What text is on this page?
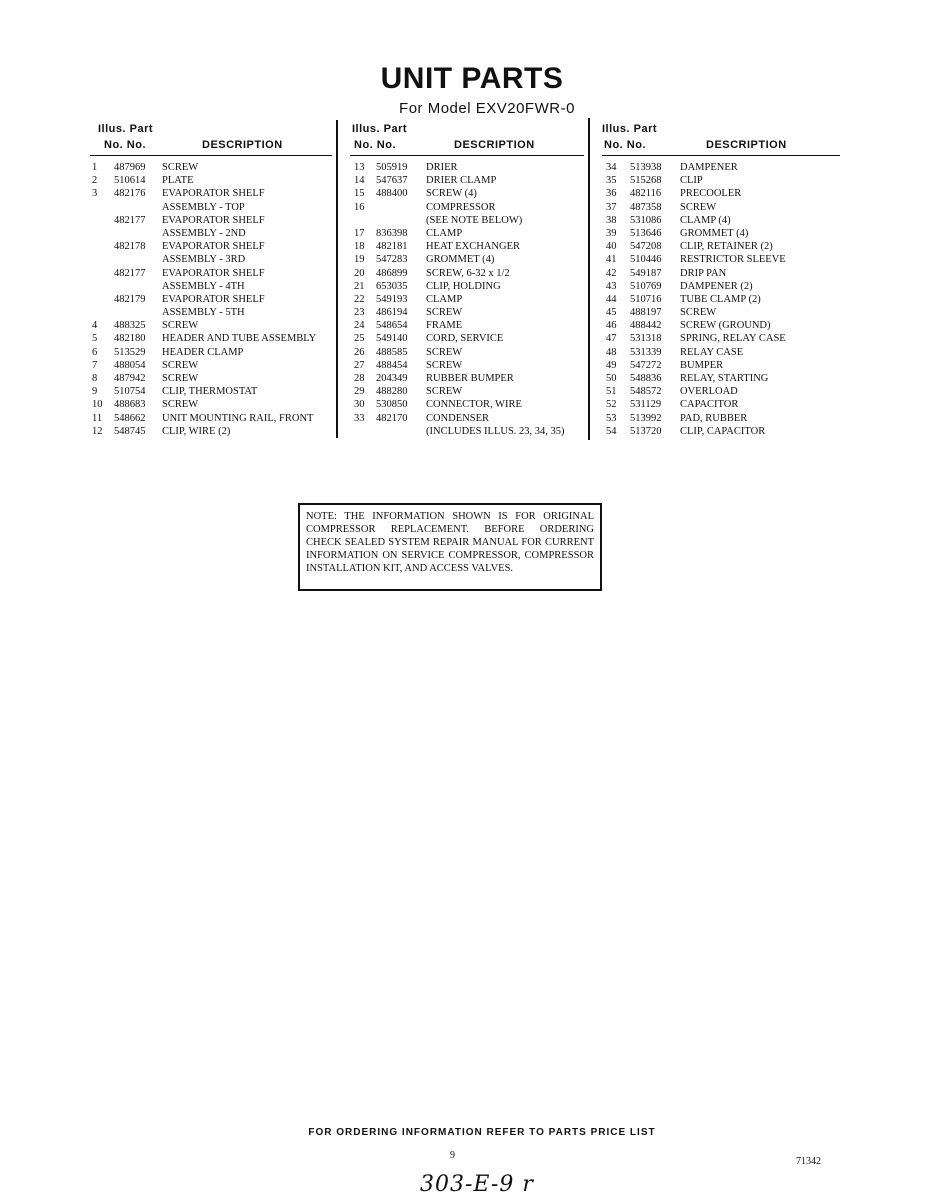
UNIT PARTS
For Model EXV20FWR-0
Illus. Part
No. No.	DESCRIPTION
1 487969 SCREW
2 510614 PLATE
3 482176 EVAPORATOR SHELF
ASSEMBLY - TOP
482177 EVAPORATOR SHELF
ASSEMBLY - 2ND
482178 EVAPORATOR SHELF
ASSEMBLY - 3RD
482177 EVAPORATOR SHELF
ASSEMBLY - 4TH
482179 EVAPORATOR SHELF
ASSEMBLY - 5TH
4 488325 SCREW
5 482180 HEADER AND TUBE ASSEMBLY
6 513529 HEADER CLAMP
7 488054 SCREW
8 487942 SCREW
9 510754 CLIP, THERMOSTAT
10 488683 SCREW
11 548662 UNIT MOUNTING RAIL, FRONT
12 548745 CLIP, WIRE (2)
Illus. Part
No. No.	DESCRIPTION
13 505919 DRIER
14 547637 DRIER CLAMP
15 488400 SCREW (4)
16	COMPRESSOR
(SEE NOTE BELOW)
17 836398 CLAMP
18 482181 HEAT EXCHANGER
19 547283 GROMMET (4)
20 486899 SCREW, 6-32 x 1/2
21 653035 CLIP, HOLDING
22 549193 CLAMP
23 486194 SCREW
24 548654 FRAME
25 549140 CORD, SERVICE
26 488585 SCREW
27 488454 SCREW
28 204349 RUBBER BUMPER
29 488280 SCREW
30 530850 CONNECTOR, WIRE
33 482170 CONDENSER
(INCLUDES ILLUS. 23, 34, 35)
Illus. Part
No. No.	DESCRIPTION
34 513938 DAMPENER
35 515268 CLIP
36 482116 PRECOOLER
37 487358 SCREW
38 531086 CLAMP (4)
39 513646 GROMMET (4)
40 547208 CLIP, RETAINER (2)
41 510446 RESTRICTOR SLEEVE
42 549187 DRIP PAN
43 510769 DAMPENER (2)
44 510716 TUBE CLAMP (2)
45 488197 SCREW
46 488442 SCREW (GROUND)
47 531318 SPRING, RELAY CASE
48 531339 RELAY CASE
49 547272 BUMPER
50 548836 RELAY, STARTING
51 548572 OVERLOAD
52 531129 CAPACITOR
53 513992 PAD, RUBBER
54 513720 CLIP, CAPACITOR
NOTE: THE INFORMATION SHOWN IS FOR ORIGINAL COMPRESSOR REPLACEMENT. BEFORE ORDERING CHECK SEALED SYSTEM REPAIR MANUAL FOR CURRENT INFORMATION ON SERVICE COMPRESSOR, COMPRESSOR INSTALLATION KIT, AND ACCESS VALVES.
FOR ORDERING INFORMATION REFER TO PARTS PRICE LIST
9
71342
303-E-9 r
